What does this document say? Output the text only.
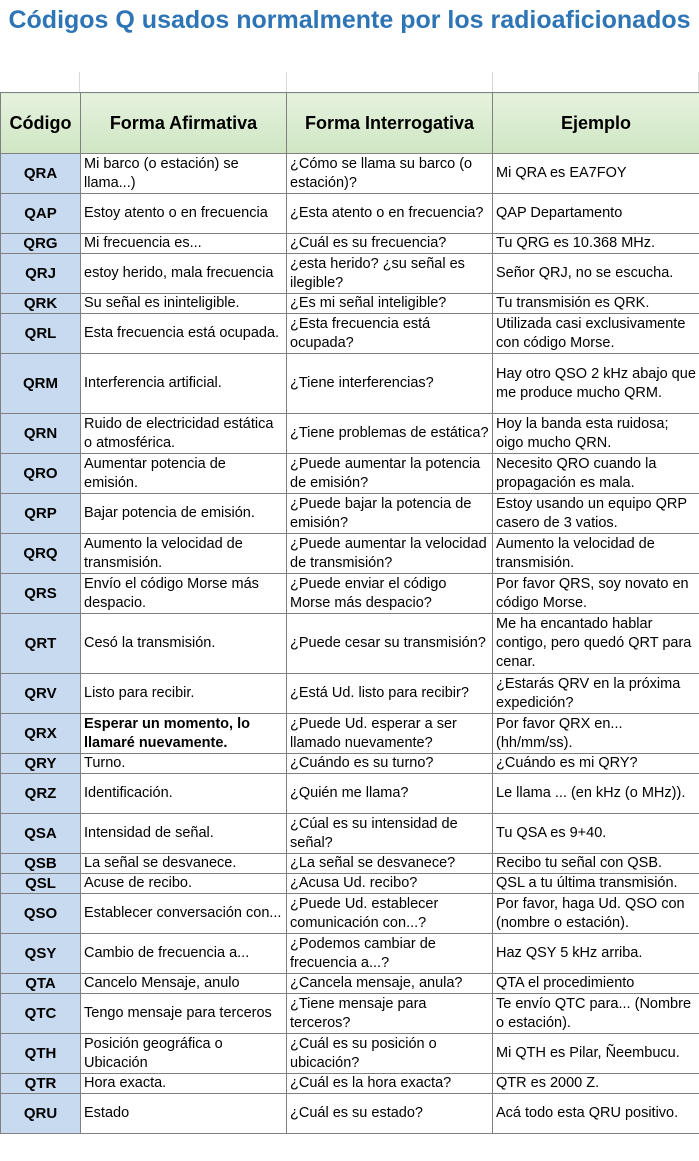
Códigos Q usados normalmente por los radioaficionados
Código	Forma Afirmativa	Forma Interrogativa	Ejemplo
QRA	Mi barco (o estación) se llama...)	¿Cómo se llama su barco (o estación)?	Mi QRA es EA7FOY
QAP	Estoy atento o en frecuencia	¿Esta atento o en frecuencia?	QAP Departamento
QRG	Mi frecuencia es...	¿Cuál es su frecuencia?	Tu QRG es 10.368 MHz.
QRJ	estoy herido, mala frecuencia	¿esta herido? ¿su señal es ilegible?	Señor QRJ, no se escucha.
QRK	Su señal es ininteligible.	¿Es mi señal inteligible?	Tu transmisión es QRK.
QRL	Esta frecuencia está ocupada.	¿Esta frecuencia está ocupada?	Utilizada casi exclusivamente con código Morse.
QRM	Interferencia artificial.	¿Tiene interferencias?	Hay otro QSO 2 kHz abajo que me produce mucho QRM.
QRN	Ruido de electricidad estática o atmosférica.	¿Tiene problemas de estática?	Hoy la banda esta ruidosa; oigo mucho QRN.
QRO	Aumentar potencia de emisión.	¿Puede aumentar la potencia de emisión?	Necesito QRO cuando la propagación es mala.
QRP	Bajar potencia de emisión.	¿Puede bajar la potencia de emisión?	Estoy usando un equipo QRP casero de 3 vatios.
QRQ	Aumento la velocidad de transmisión.	¿Puede aumentar la velocidad de transmisión?	Aumento la velocidad de transmisión.
QRS	Envío el código Morse más despacio.	¿Puede enviar el código Morse más despacio?	Por favor QRS, soy novato en código Morse.
QRT	Cesó la transmisión.	¿Puede cesar su transmisión?	Me ha encantado hablar contigo, pero quedó QRT para cenar.
QRV	Listo para recibir.	¿Está Ud. listo para recibir?	¿Estarás QRV en la próxima expedición?
QRX	Esperar un momento, lo llamaré nuevamente.	¿Puede Ud. esperar a ser llamado nuevamente?	Por favor QRX en... (hh/mm/ss).
QRY	Turno.	¿Cuándo es su turno?	¿Cuándo es mi QRY?
QRZ	Identificación.	¿Quién me llama?	Le llama ... (en kHz (o MHz)).
QSA	Intensidad de señal.	¿Cúal es su intensidad de señal?	Tu QSA es 9+40.
QSB	La señal se desvanece.	¿La señal se desvanece?	Recibo tu señal con QSB.
QSL	Acuse de recibo.	¿Acusa Ud. recibo?	QSL a tu última transmisión.
QSO	Establecer conversación con...	¿Puede Ud. establecer comunicación con...?	Por favor, haga Ud. QSO con (nombre o estación).
QSY	Cambio de frecuencia a...	¿Podemos cambiar de frecuencia a...?	Haz QSY 5 kHz arriba.
QTA	Cancelo Mensaje, anulo	¿Cancela mensaje, anula?	QTA el procedimiento
QTC	Tengo mensaje para terceros	¿Tiene mensaje para terceros?	Te envío QTC para... (Nombre o estación).
QTH	Posición geográfica o Ubicación	¿Cuál es su posición o ubicación?	Mi QTH es Pilar, Ñeembucu.
QTR	Hora exacta.	¿Cuál es la hora exacta?	QTR es 2000 Z.
QRU	Estado	¿Cuál es su estado?	Acá todo esta QRU positivo.
